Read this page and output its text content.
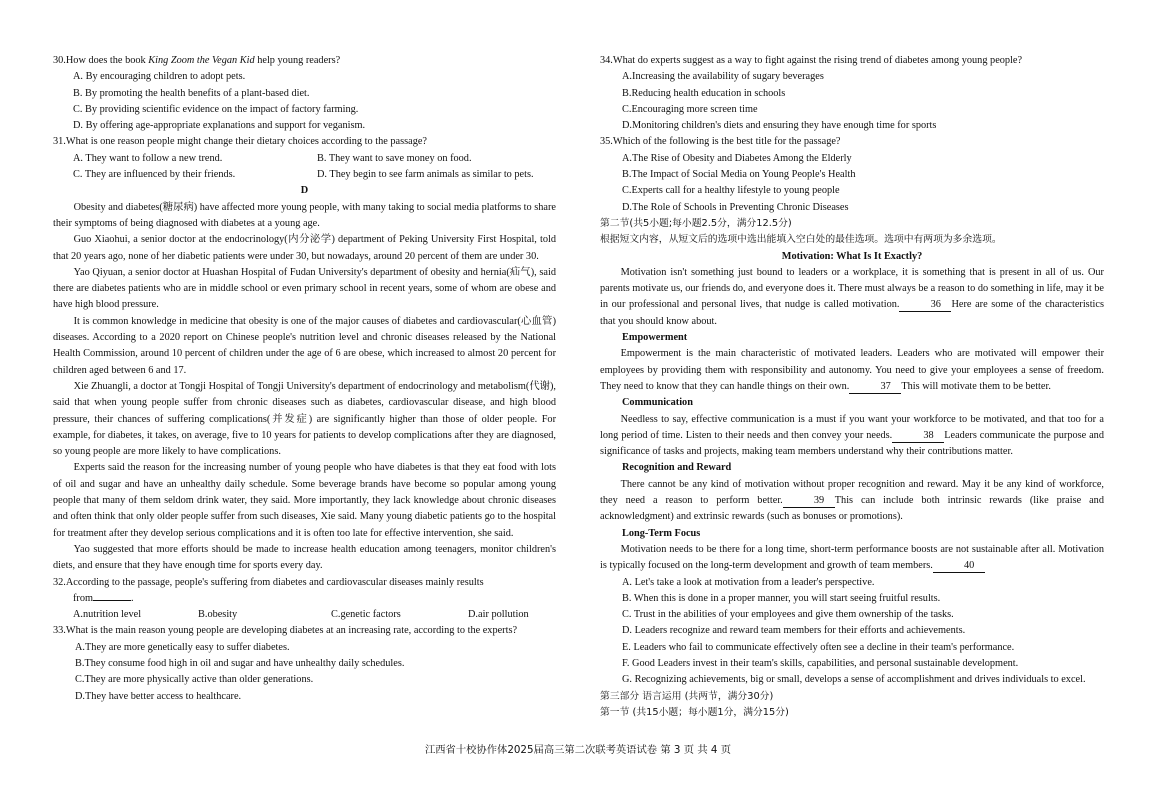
30.How does the book King Zoom the Vegan Kid help young readers?

A. By encouraging children to adopt pets.

B. By promoting the health benefits of a plant-based diet.

C. By providing scientific evidence on the impact of factory farming.

D. By offering age-appropriate explanations and support for veganism.

31.What is one reason people might change their dietary choices according to the passage?

A. They want to follow a new trend.	B. They want to save money on food.
C. They are influenced by their friends.	D. They begin to see farm animals as similar to pets.

D

Obesity and diabetes(糖尿病) have affected more young people, with many taking to social media platforms to share their symptoms of being diagnosed with diabetes at a young age.

Guo Xiaohui, a senior doctor at the endocrinology(内分泌学) department of Peking University First Hospital, told that 20 years ago, none of her diabetic patients were under 30, but nowadays, around 20 percent of them are under 30.

Yao Qiyuan, a senior doctor at Huashan Hospital of Fudan University's department of obesity and hernia(疝气), said there are diabetes patients who are in middle school or even primary school in recent years, some of whom are obese and have high blood pressure.

It is common knowledge in medicine that obesity is one of the major causes of diabetes and cardiovascular(心血管) diseases. According to a 2020 report on Chinese people's nutrition level and chronic diseases released by the National Health Commission, around 10 percent of children under the age of 6 are obese, which increased to almost 20 percent for children aged between 6 and 17.

Xie Zhuangli, a doctor at Tongji Hospital of Tongji University's department of endocrinology and metabolism(代谢), said that when young people suffer from chronic diseases such as diabetes, cardiovascular disease, and high blood pressure, their chances of suffering complications(并发症) are significantly higher than those of older people. For example, for diabetes, it takes, on average, five to 10 years for patients to develop complications after they are diagnosed, so young people are more likely to have complications.

Experts said the reason for the increasing number of young people who have diabetes is that they eat food with lots of oil and sugar and have an unhealthy daily schedule. Some beverage brands have become so popular among young people that many of them seldom drink water, they said. More importantly, they lack knowledge about chronic diseases and often think that only older people suffer from such diseases, Xie said. Many young diabetic patients go to the hospital for treatment after they develop serious complications and it is often too late for effective intervention, she said.

Yao suggested that more efforts should be made to increase health education among teenagers, monitor children's diets, and ensure that they have enough time for sports every day.

32.According to the passage, people's suffering from diabetes and cardiovascular diseases mainly results

from	.

A.nutrition level	B.obesity	C.genetic factors	D.air pollution

33.What is the main reason young people are developing diabetes at an increasing rate, according to the experts?

A.They are more genetically easy to suffer diabetes.

B.They consume food high in oil and sugar and have unhealthy daily schedules.

C.They are more physically active than older generations.

D.They have better access to healthcare.

34.What do experts suggest as a way to fight against the rising trend of diabetes among young people?

A.Increasing the availability of sugary beverages

B.Reducing health education in schools

C.Encouraging more screen time

D.Monitoring children's diets and ensuring they have enough time for sports

35.Which of the following is the best title for the passage?

A.The Rise of Obesity and Diabetes Among the Elderly

B.The Impact of Social Media on Young People's Health

C.Experts call for a healthy lifestyle to young people

D.The Role of Schools in Preventing Chronic Diseases

第二节(共5小题;每小题2.5分，满分12.5分)

根据短文内容，从短文后的选项中选出能填入空白处的最佳选项。选项中有两项为多余选项。

Motivation: What Is It Exactly?

Motivation isn't something just bound to leaders or a workplace, it is something that is present in all of us. Our parents motivate us, our friends do, and everyone does it. There must always be a reason to do something in life, may it be in our professional and personal lives, that nudge is called motivation.	36 Here are some of the characteristics that you should know about.

Empowerment

Empowerment is the main characteristic of motivated leaders. Leaders who are motivated will empower their employees by providing them with responsibility and autonomy. You need to give your employees a sense of freedom. They need to know that they can handle things on their own.	37 This will motivate them to be better.

Communication

Needless to say, effective communication is a must if you want your workforce to be motivated, and that too for a long period of time. Listen to their needs and then convey your needs.	38 Leaders communicate the purpose and significance of tasks and projects, making team members understand why their contributions matter.

Recognition and Reward

There cannot be any kind of motivation without proper recognition and reward. May it be any kind of workforce, they need a reason to perform better.	39 This can include both intrinsic rewards (like praise and acknowledgment) and extrinsic rewards (such as bonuses or promotions).

Long-Term Focus

Motivation needs to be there for a long time, short-term performance boosts are not sustainable after all. Motivation is typically focused on the long-term development and growth of team members.	40

A. Let's take a look at motivation from a leader's perspective.

B. When this is done in a proper manner, you will start seeing fruitful results.

C. Trust in the abilities of your employees and give them ownership of the tasks.

D. Leaders recognize and reward team members for their efforts and achievements.

E. Leaders who fail to communicate effectively often see a decline in their team's performance.

F. Good Leaders invest in their team's skills, capabilities, and personal sustainable development.

G. Recognizing achievements, big or small, develops a sense of accomplishment and drives individuals to excel.

第三部分 语言运用 (共两节，满分30分)

第一节 (共15小题；每小题1分，满分15分)

江西省十校协作体2025届高三第二次联考英语试卷 第 3 页 共 4 页
